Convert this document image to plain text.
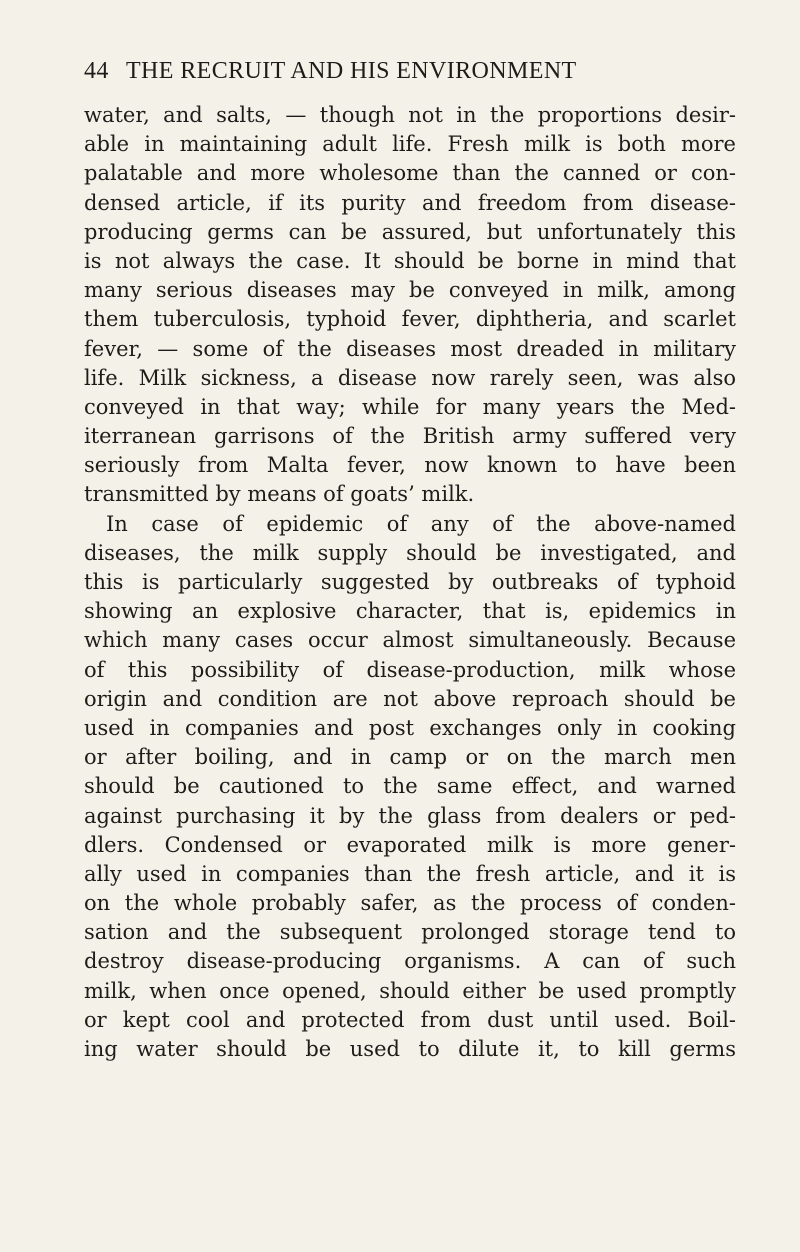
44 THE RECRUIT AND HIS ENVIRONMENT
water, and salts, — though not in the proportions desir-
able in maintaining adult life. Fresh milk is both more
palatable and more wholesome than the canned or con-
densed article, if its purity and freedom from disease-
producing germs can be assured, but unfortunately this
is not always the case. It should be borne in mind that
many serious diseases may be conveyed in milk, among
them tuberculosis, typhoid fever, diphtheria, and scarlet
fever, — some of the diseases most dreaded in military
life. Milk sickness, a disease now rarely seen, was also
conveyed in that way; while for many years the Med-
iterranean garrisons of the British army suffered very
seriously from Malta fever, now known to have been
transmitted by means of goats’ milk.
In case of epidemic of any of the above-named
diseases, the milk supply should be investigated, and
this is particularly suggested by outbreaks of typhoid
showing an explosive character, that is, epidemics in
which many cases occur almost simultaneously. Because
of this possibility of disease-production, milk whose
origin and condition are not above reproach should be
used in companies and post exchanges only in cooking
or after boiling, and in camp or on the march men
should be cautioned to the same effect, and warned
against purchasing it by the glass from dealers or ped-
dlers. Condensed or evaporated milk is more gener-
ally used in companies than the fresh article, and it is
on the whole probably safer, as the process of conden-
sation and the subsequent prolonged storage tend to
destroy disease-producing organisms. A can of such
milk, when once opened, should either be used promptly
or kept cool and protected from dust until used. Boil-
ing water should be used to dilute it, to kill germs
